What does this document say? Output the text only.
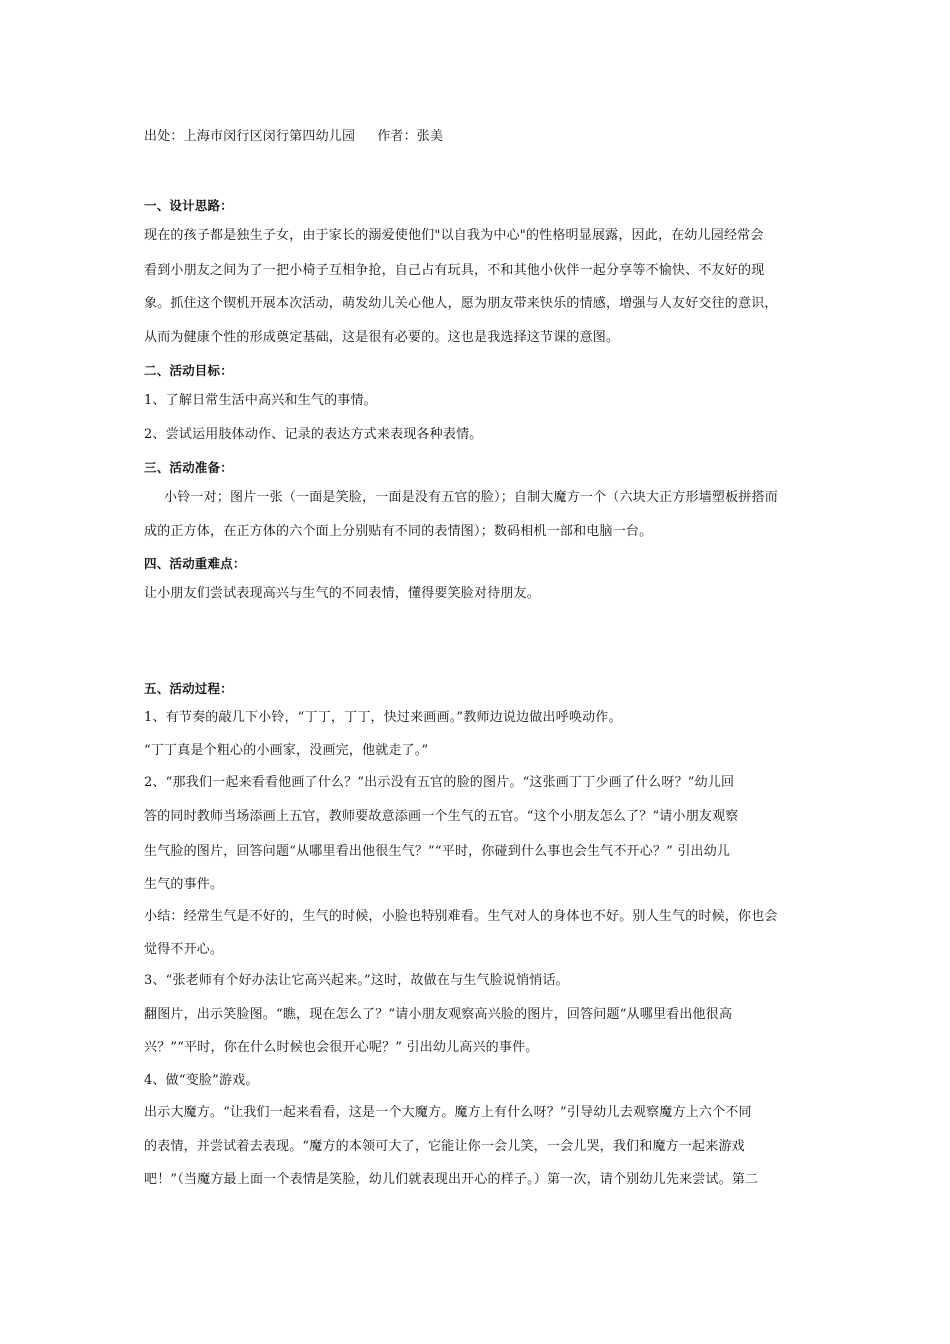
出处：上海市闵行区闵行第四幼儿园 作者：张美
一、设计思路：
现在的孩子都是独生子女，由于家长的溺爱使他们"以自我为中心"的性格明显展露，因此，在幼儿园经常会
看到小朋友之间为了一把小椅子互相争抢，自己占有玩具，不和其他小伙伴一起分享等不愉快、不友好的现
象。抓住这个锲机开展本次活动，萌发幼儿关心他人，愿为朋友带来快乐的情感，增强与人友好交往的意识，
从而为健康个性的形成奠定基础，这是很有必要的。这也是我选择这节课的意图。
二、活动目标：
1、了解日常生活中高兴和生气的事情。
2、尝试运用肢体动作、记录的表达方式来表现各种表情。
三、活动准备：
小铃一对；图片一张（一面是笑脸，一面是没有五官的脸）；自制大魔方一个（六块大正方形墙塑板拼搭而
成的正方体，在正方体的六个面上分别贴有不同的表情图）；数码相机一部和电脑一台。
四、活动重难点：
让小朋友们尝试表现高兴与生气的不同表情，懂得要笑脸对待朋友。
五、活动过程：
1、有节奏的敲几下小铃，“丁丁，丁丁，快过来画画。”教师边说边做出呼唤动作。
“丁丁真是个粗心的小画家，没画完，他就走了。”
2、“那我们一起来看看他画了什么？”出示没有五官的脸的图片。“这张画丁丁少画了什么呀？”幼儿回
答的同时教师当场添画上五官，教师要故意添画一个生气的五官。“这个小朋友怎么了？”请小朋友观察
生气脸的图片，回答问题“从哪里看出他很生气？”“平时，你碰到什么事也会生气不开心？” 引出幼儿
生气的事件。
小结：经常生气是不好的，生气的时候，小脸也特别难看。生气对人的身体也不好。别人生气的时候，你也会
觉得不开心。
3、“张老师有个好办法让它高兴起来。”这时，故做在与生气脸说悄悄话。
翻图片，出示笑脸图。“瞧，现在怎么了？”请小朋友观察高兴脸的图片，回答问题“从哪里看出他很高
兴？”“平时，你在什么时候也会很开心呢？” 引出幼儿高兴的事件。
4、做“变脸”游戏。
出示大魔方。“让我们一起来看看，这是一个大魔方。魔方上有什么呀？”引导幼儿去观察魔方上六个不同
的表情，并尝试着去表现。“魔方的本领可大了，它能让你一会儿笑，一会儿哭，我们和魔方一起来游戏
吧！”（当魔方最上面一个表情是笑脸，幼儿们就表现出开心的样子。）第一次，请个别幼儿先来尝试。第二
